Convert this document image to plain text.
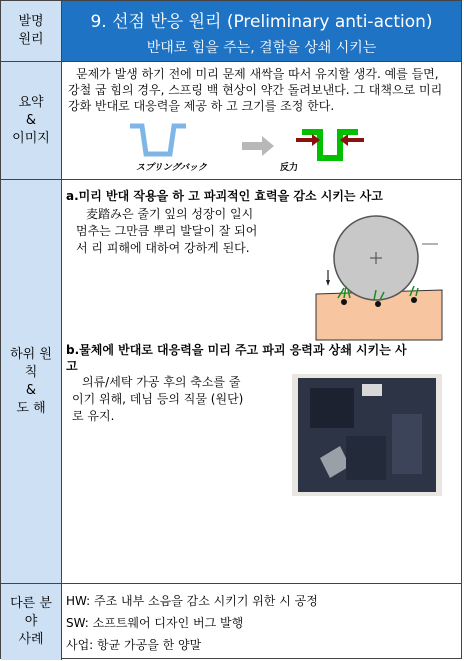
발명
원리
9. 선점 반응 원리 (Preliminary anti-action)
반대로 힘을 주는, 결함을 상쇄 시키는
요약
&
이미지
문제가 발생 하기 전에 미리 문제 새싹을 따서 유지할 생각. 예를 들면, 강철 굽 힘의 경우, 스프링 백 현상이 약간 돌려보낸다. 그 대책으로 미리 강화 반대로 대응력을 제공 하 고 크기를 조정 한다.
スプリングバック	反力
하위 원
칙
&
도 해
a.미리 반대 작용을 하 고 파괴적인 효력을 감소 시키는 사고
麦踏み은 줄기 잎의 성장이 일시
멈추는 그만큼 뿌리 발달이 잘 되어
서 리 피해에 대하여 강하게 된다.
b.물체에 반대로 대응력을 미리 주고 파괴 응력과 상쇄 시키는 사
고
의류/세탁 가공 후의 축소를 줄
이기 위해, 데님 등의 직물 (원단)
로 유지.
다른 분
야
사례
HW: 주조 내부 소음을 감소 시키기 위한 시 공정
SW: 소프트웨어 디자인 버그 발행
사업: 항균 가공을 한 양말
